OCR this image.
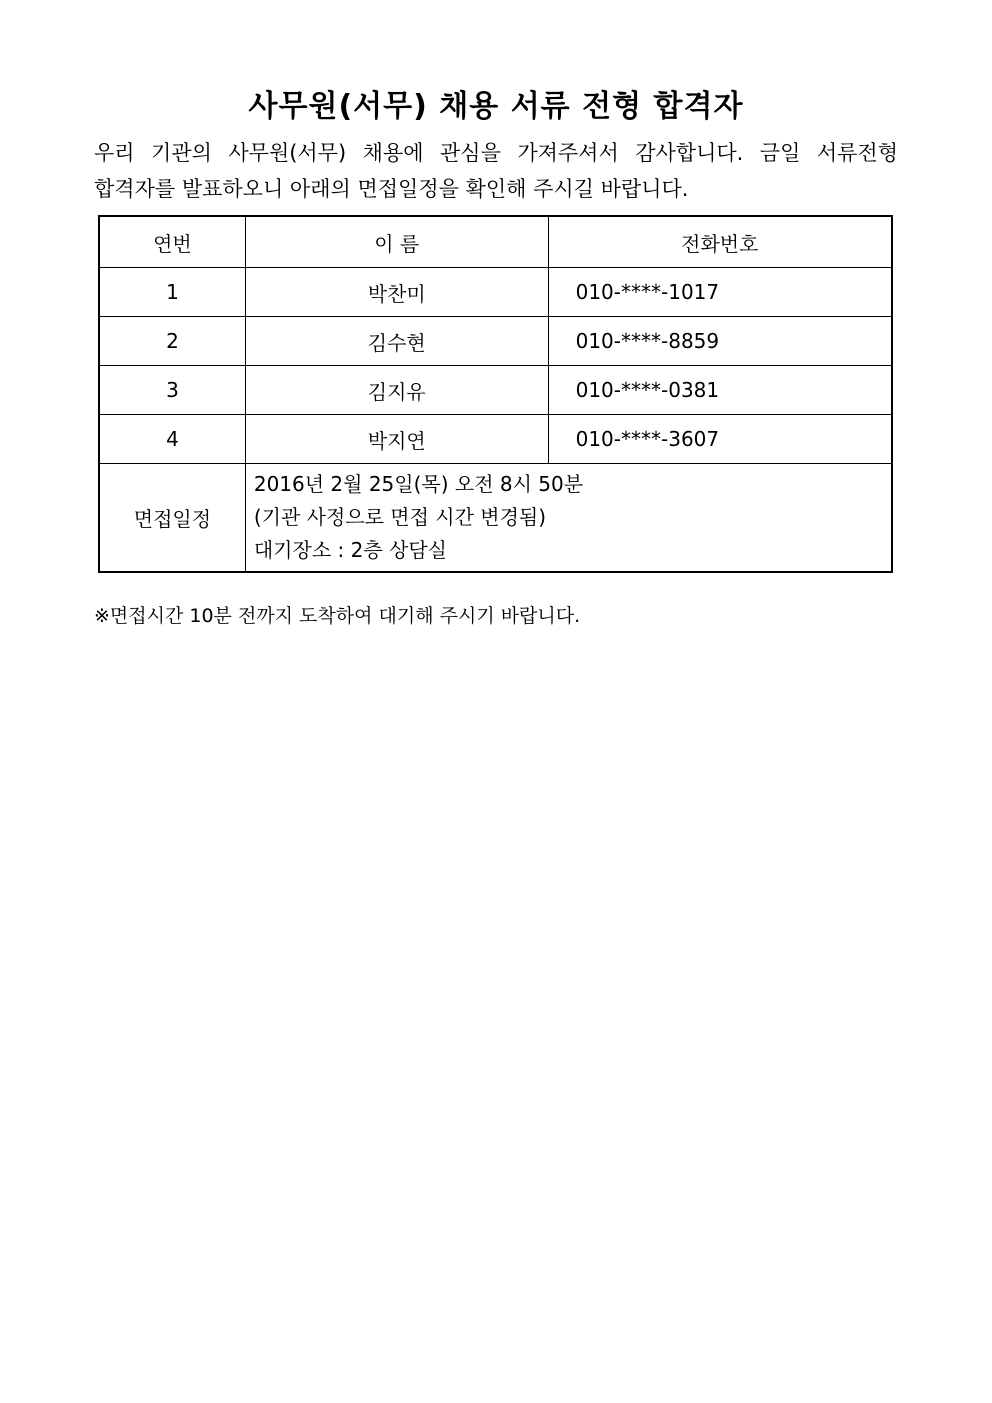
사무원(서무) 채용 서류 전형 합격자
우리 기관의 사무원(서무) 채용에 관심을 가져주셔서 감사합니다. 금일 서류전형
합격자를 발표하오니 아래의 면접일정을 확인해 주시길 바랍니다.
연번	이 름	전화번호
1	박찬미	010-****-1017
2	김수현	010-****-8859
3	김지유	010-****-0381
4	박지연	010-****-3607
면접일정	2016년 2월 25일(목) 오전 8시 50분
(기관 사정으로 면접 시간 변경됨)
대기장소 : 2층 상담실	
※면접시간 10분 전까지 도착하여 대기해 주시기 바랍니다.
